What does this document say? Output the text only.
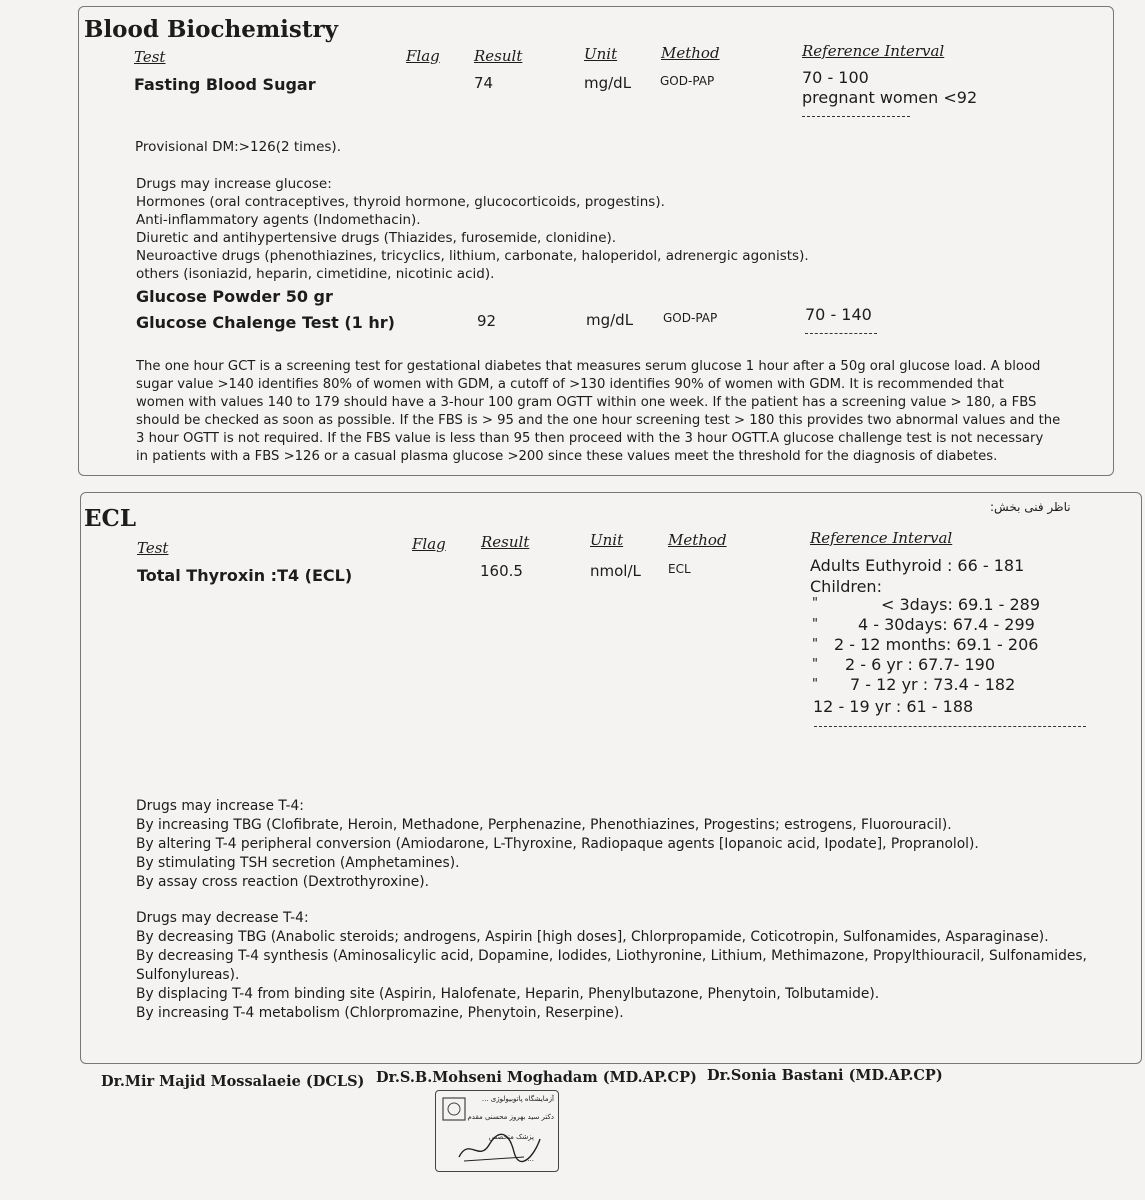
Blood Biochemistry
Test	Flag Result	Unit	Method	Reference Interval
Fasting Blood Sugar	74	mg/dL GOD-PAP	70 - 100
pregnant women <92
Provisional DM:>126(2 times).
Drugs may increase glucose:
Hormones (oral contraceptives, thyroid hormone, glucocorticoids, progestins).
Anti-inflammatory agents (Indomethacin).
Diuretic and antihypertensive drugs (Thiazides, furosemide, clonidine).
Neuroactive drugs (phenothiazines, tricyclics, lithium, carbonate, haloperidol, adrenergic agonists).
others (isoniazid, heparin, cimetidine, nicotinic acid).
Glucose Powder 50 gr
Glucose Chalenge Test (1 hr)	92	mg/dL GOD-PAP	70 - 140
The one hour GCT is a screening test for gestational diabetes that measures serum glucose 1 hour after a 50g oral glucose load. A blood
sugar value >140 identifies 80% of women with GDM, a cutoff of >130 identifies 90% of women with GDM. It is recommended that
women with values 140 to 179 should have a 3-hour 100 gram OGTT within one week. If the patient has a screening value > 180, a FBS
should be checked as soon as possible. If the FBS is > 95 and the one hour screening test > 180 this provides two abnormal values and the
3 hour OGTT is not required. If the FBS value is less than 95 then proceed with the 3 hour OGTT.A glucose challenge test is not necessary
in patients with a FBS >126 or a casual plasma glucose >200 since these values meet the threshold for the diagnosis of diabetes.
ECL	ناظر فنی بخش:
Test	Flag Result	Unit	Method	Reference Interval
Total Thyroxin :T4 (ECL)	160.5	nmol/L ECL	Adults Euthyroid : 66 - 181
Children:
"	< 3days: 69.1 - 289
"	4 - 30days: 67.4 - 299
" 2 - 12 months: 69.1 - 206
" 2 - 6 yr : 67.7- 190
" 7 - 12 yr : 73.4 - 182
12 - 19 yr : 61 - 188
Drugs may increase T-4:
By increasing TBG (Clofibrate, Heroin, Methadone, Perphenazine, Phenothiazines, Progestins; estrogens, Fluorouracil).
By altering T-4 peripheral conversion (Amiodarone, L-Thyroxine, Radiopaque agents [Iopanoic acid, Ipodate], Propranolol).
By stimulating TSH secretion (Amphetamines).
By assay cross reaction (Dextrothyroxine).
Drugs may decrease T-4:
By decreasing TBG (Anabolic steroids; androgens, Aspirin [high doses], Chlorpropamide, Coticotropin, Sulfonamides, Asparaginase).
By decreasing T-4 synthesis (Aminosalicylic acid, Dopamine, Iodides, Liothyronine, Lithium, Methimazone, Propylthiouracil, Sulfonamides,
Sulfonylureas).
By displacing T-4 from binding site (Aspirin, Halofenate, Heparin, Phenylbutazone, Phenytoin, Tolbutamide).
By increasing T-4 metabolism (Chlorpromazine, Phenytoin, Reserpine).
Dr.Mir Majid Mossalaeie (DCLS) Dr.S.B.Mohseni Moghadam (MD.AP.CP) Dr.Sonia Bastani (MD.AP.CP)
آزمایشگاه پاتوبیولوژی ...
دکتر سید بهروز محسنی مقدم
پزشک متخصص
...
